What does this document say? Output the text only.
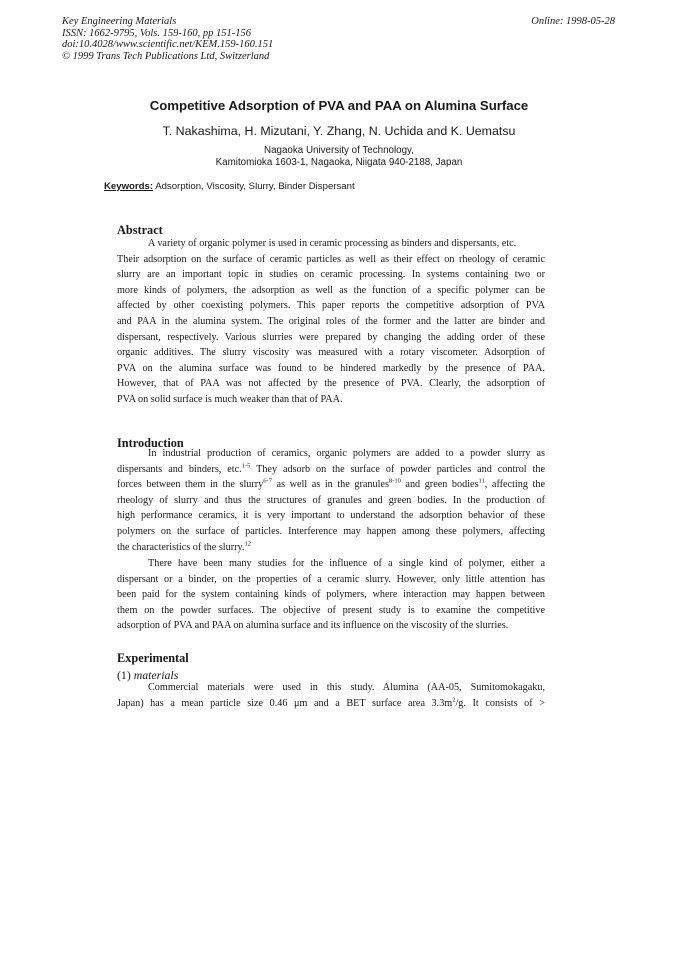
Key Engineering Materials
ISSN: 1662-9795, Vols. 159-160, pp 151-156
doi:10.4028/www.scientific.net/KEM.159-160.151
© 1999 Trans Tech Publications Ltd, Switzerland
Online: 1998-05-28
Competitive Adsorption of PVA and PAA on Alumina Surface
T. Nakashima, H. Mizutani, Y. Zhang, N. Uchida and K. Uematsu
Nagaoka University of Technology,
Kamitomioka 1603-1, Nagaoka, Niigata 940-2188, Japan
Keywords: Adsorption, Viscosity, Slurry, Binder Dispersant
Abstract
A variety of organic polymer is used in ceramic processing as binders and dispersants, etc.
Their adsorption on the surface of ceramic particles as well as their effect on rheology of ceramic
slurry are an important topic in studies on ceramic processing. In systems containing two or
more kinds of polymers, the adsorption as well as the function of a specific polymer can be
affected by other coexisting polymers. This paper reports the competitive adsorption of PVA
and PAA in the alumina system. The original roles of the former and the latter are binder and
dispersant, respectively. Various slurries were prepared by changing the adding order of these
organic additives. The slurry viscosity was measured with a rotary viscometer. Adsorption of
PVA on the alumina surface was found to be hindered markedly by the presence of PAA.
However, that of PAA was not affected by the presence of PVA. Clearly, the adsorption of
PVA on solid surface is much weaker than that of PAA.
Introduction
In industrial production of ceramics, organic polymers are added to a powder slurry as
dispersants and binders, etc.$^{1-5}$ They adsorb on the surface of powder particles and control the
forces between them in the slurry$^{6-7}$ as well as in the granules$^{8-10}$ and green bodies$^{11}$, affecting the
rheology of slurry and thus the structures of granules and green bodies. In the production of
high performance ceramics, it is very important to understand the adsorption behavior of these
polymers on the surface of particles. Interference may happen among these polymers, affecting
the characteristics of the slurry.$^{12}$
There have been many studies for the influence of a single kind of polymer, either a
dispersant or a binder, on the properties of a ceramic slurry. However, only little attention has
been paid for the system containing kinds of polymers, where interaction may happen between
them on the powder surfaces. The objective of present study is to examine the competitive
adsorption of PVA and PAA on alumina surface and its influence on the viscosity of the slurries.
Experimental
(1) materials
Commercial materials were used in this study. Alumina (AA-05, Sumitomokagaku,
Japan) has a mean particle size 0.46 μm and a BET surface area $3.3m^2/g$. It consists of >
